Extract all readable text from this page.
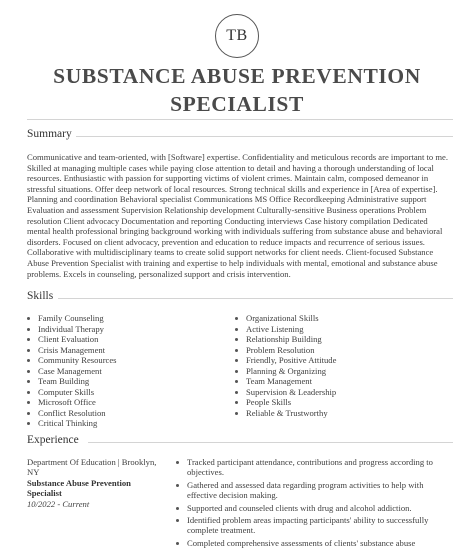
TB
SUBSTANCE ABUSE PREVENTION
SPECIALIST
Summary
Communicative and team-oriented, with [Software] expertise. Confidentiality and meticulous records are important to me. Skilled at managing multiple cases while paying close attention to detail and having a thorough understanding of local resources. Enthusiastic with passion for supporting victims of violent crimes. Maintain calm, composed demeanor in stressful situations. Offer deep network of local resources. Strong technical skills and experience in [Area of expertise]. Planning and coordination Behavioral specialist Communications MS Office Recordkeeping Administrative support Evaluation and assessment Supervision Relationship development Culturally-sensitive Business operations Problem resolution Client advocacy Documentation and reporting Conducting interviews Case history compilation Dedicated mental health professional bringing background working with individuals suffering from substance abuse and behavioral disorders. Focused on client advocacy, prevention and education to reduce impacts and recurrence of serious issues. Collaborative with multidisciplinary teams to create solid support networks for client needs. Client-focused Substance Abuse Prevention Specialist with training and expertise to help individuals with mental, emotional and substance abuse problems. Excels in counseling, personalized support and crisis intervention.
Skills
Family Counseling
Individual Therapy
Client Evaluation
Crisis Management
Community Resources
Case Management
Team Building
Computer Skills
Microsoft Office
Conflict Resolution
Critical Thinking
Organizational Skills
Active Listening
Relationship Building
Problem Resolution
Friendly, Positive Attitude
Planning & Organizing
Team Management
Supervision & Leadership
People Skills
Reliable & Trustworthy
Experience
Department Of Education | Brooklyn, NY
Substance Abuse Prevention Specialist
10/2022 - Current
Tracked participant attendance, contributions and progress according to objectives.
Gathered and assessed data regarding program activities to help with effective decision making.
Supported and counseled clients with drug and alcohol addiction.
Identified problem areas impacting participants' ability to successfully complete treatment.
Completed comprehensive assessments of clients' substance abuse
